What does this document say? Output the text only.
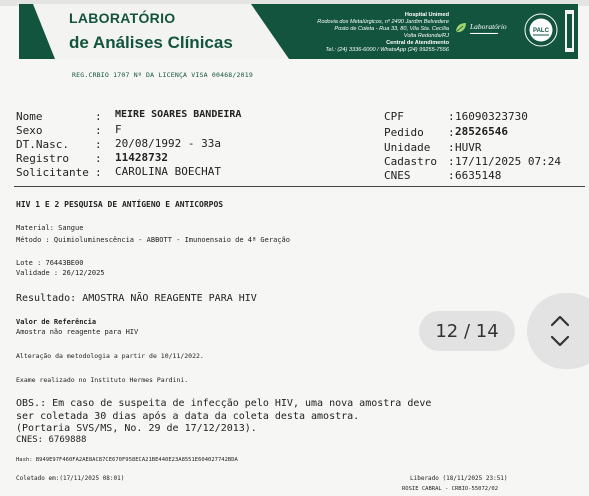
LABORATÓRIO
de Análises Clínicas
Hospital Unimed
Rodovia dos Metalúrgicos, nº 2490 Jardim Belvedere
Posto de Coleta - Rua 33, 80, Vila Sta. Cecília
Volta Redonda/RJ
Central de Atendimento
Tel.: (24) 3336-6000 / WhatsApp (24) 99255-7556
Laboratório
▬▬▬▬▬▬▬▬	PALC
REG.CRBIO 1707 Nº DA LICENÇA VISA 00468/2019
Nome	: MEIRE SOARES BANDEIRA
Sexo	: F
DT.Nasc. : 20/08/1992 - 33a
Registro : 11428732
Solicitante : CAROLINA BOECHAT
CPF	: 16090323730
Pedido : 28526546
Unidade : HUVR
Cadastro : 17/11/2025 07:24
CNES	: 6635148
HIV 1 E 2 PESQUISA DE ANTÍGENO E ANTICORPOS
Material: Sangue
Método : Quimioluminescência - ABBOTT - Imunoensaio de 4ª Geração
Lote : 76443BE00
Validade : 26/12/2025
Resultado: AMOSTRA NÃO REAGENTE PARA HIV
Valor de Referência
Amostra não reagente para HIV
Alteração da metodologia a partir de 10/11/2022.
Exame realizado no Instituto Hermes Pardini.
OBS.: Em caso de suspeita de infecção pelo HIV, uma nova amostra deve
ser coletada 30 dias após a data da coleta desta amostra.
(Portaria SVS/MS, No. 29 de 17/12/2013).
CNES: 6769888
Hash: B949E97F460FA2AE8AC87CE670F958ECA21BE440E23A8551E604027742BDA
Coletado em:(17/11/2025 08:01)	Liberado (18/11/2025 23:51)
ROSIE CABRAL - CRBIO-55072/02
12 / 14
